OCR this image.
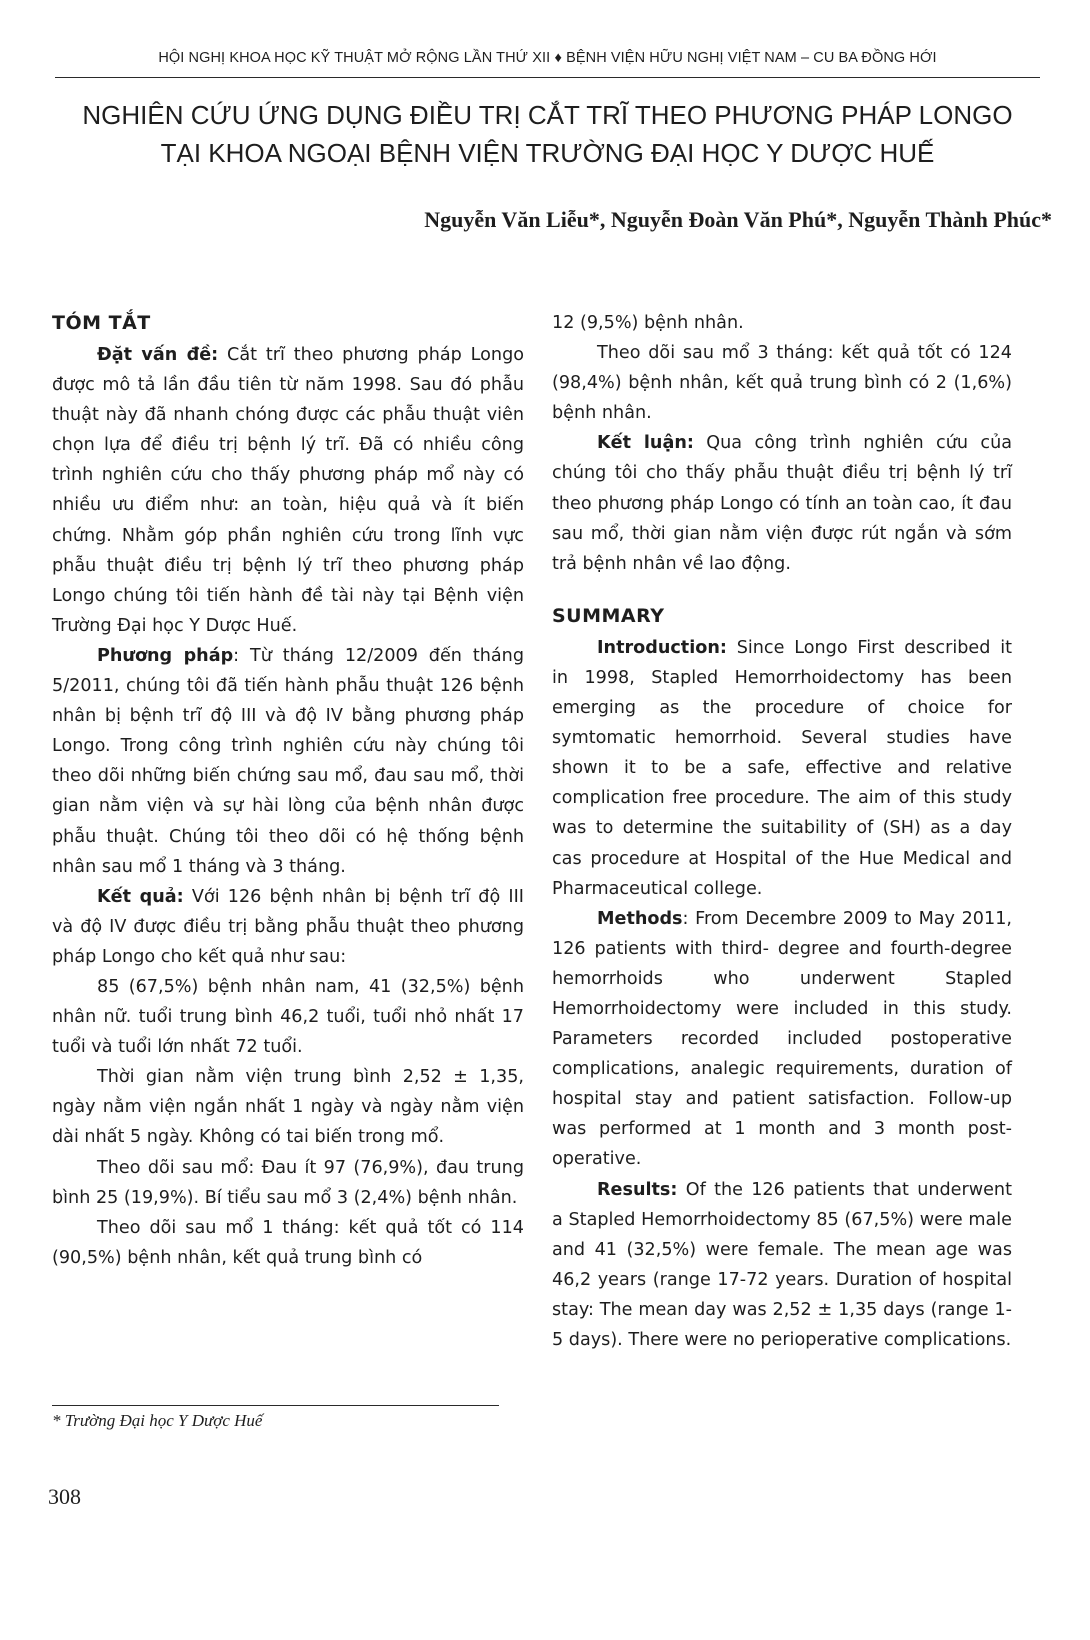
HỘI NGHỊ KHOA HỌC KỸ THUẬT MỞ RỘNG LẦN THỨ XII ♦ BỆNH VIỆN HỮU NGHỊ VIỆT NAM – CU BA ĐỒNG HỚI
NGHIÊN CỨU ỨNG DỤNG ĐIỀU TRỊ CẮT TRĨ THEO PHƯƠNG PHÁP LONGO
TẠI KHOA NGOẠI BỆNH VIỆN TRƯỜNG ĐẠI HỌC Y DƯỢC HUẾ
Nguyễn Văn Liễu*, Nguyễn Đoàn Văn Phú*, Nguyễn Thành Phúc*
TÓM TẮT

Đặt vấn đề: Cắt trĩ theo phương pháp Longo được mô tả lần đầu tiên từ năm 1998. Sau đó phẫu thuật này đã nhanh chóng được các phẫu thuật viên chọn lựa để điều trị bệnh lý trĩ. Đã có nhiều công trình nghiên cứu cho thấy phương pháp mổ này có nhiều ưu điểm như: an toàn, hiệu quả và ít biến chứng. Nhằm góp phần nghiên cứu trong lĩnh vực phẫu thuật điều trị bệnh lý trĩ theo phương pháp Longo chúng tôi tiến hành đề tài này tại Bệnh viện Trường Đại học Y Dược Huế.

Phương pháp: Từ tháng 12/2009 đến tháng 5/2011, chúng tôi đã tiến hành phẫu thuật 126 bệnh nhân bị bệnh trĩ độ III và độ IV bằng phương pháp Longo. Trong công trình nghiên cứu này chúng tôi theo dõi những biến chứng sau mổ, đau sau mổ, thời gian nằm viện và sự hài lòng của bệnh nhân được phẫu thuật. Chúng tôi theo dõi có hệ thống bệnh nhân sau mổ 1 tháng và 3 tháng.

Kết quả: Với 126 bệnh nhân bị bệnh trĩ độ III và độ IV được điều trị bằng phẫu thuật theo phương pháp Longo cho kết quả như sau:

85 (67,5%) bệnh nhân nam, 41 (32,5%) bệnh nhân nữ. tuổi trung bình 46,2 tuổi, tuổi nhỏ nhất 17 tuổi và tuổi lớn nhất 72 tuổi.

Thời gian nằm viện trung bình 2,52 ± 1,35, ngày nằm viện ngắn nhất 1 ngày và ngày nằm viện dài nhất 5 ngày. Không có tai biến trong mổ.

Theo dõi sau mổ: Đau ít 97 (76,9%), đau trung bình 25 (19,9%). Bí tiểu sau mổ 3 (2,4%) bệnh nhân.

Theo dõi sau mổ 1 tháng: kết quả tốt có 114 (90,5%) bệnh nhân, kết quả trung bình có

12 (9,5%) bệnh nhân.

Theo dõi sau mổ 3 tháng: kết quả tốt có 124 (98,4%) bệnh nhân, kết quả trung bình có 2 (1,6%) bệnh nhân.

Kết luận: Qua công trình nghiên cứu của chúng tôi cho thấy phẫu thuật điều trị bệnh lý trĩ theo phương pháp Longo có tính an toàn cao, ít đau sau mổ, thời gian nằm viện được rút ngắn và sớm trả bệnh nhân về lao động.

SUMMARY

Introduction: Since Longo First described it in 1998, Stapled Hemorrhoidectomy has been emerging as the procedure of choice for symtomatic hemorrhoid. Several studies have shown it to be a safe, effective and relative complication free procedure. The aim of this study was to determine the suitability of (SH) as a day cas procedure at Hospital of the Hue Medical and Pharmaceutical college.

Methods: From Decembre 2009 to May 2011, 126 patients with third- degree and fourth-degree hemorrhoids who underwent Stapled Hemorrhoidectomy were included in this study. Parameters recorded included postoperative complications, analegic requirements, duration of hospital stay and patient satisfaction. Follow-up was performed at 1 month and 3 month post-operative.

Results: Of the 126 patients that underwent a Stapled Hemorrhoidectomy 85 (67,5%) were male and 41 (32,5%) were female. The mean age was 46,2 years (range 17-72 years. Duration of hospital stay: The mean day was 2,52 ± 1,35 days (range 1-5 days). There were no perioperative complications.

* Trường Đại học Y Dược Huế
308
